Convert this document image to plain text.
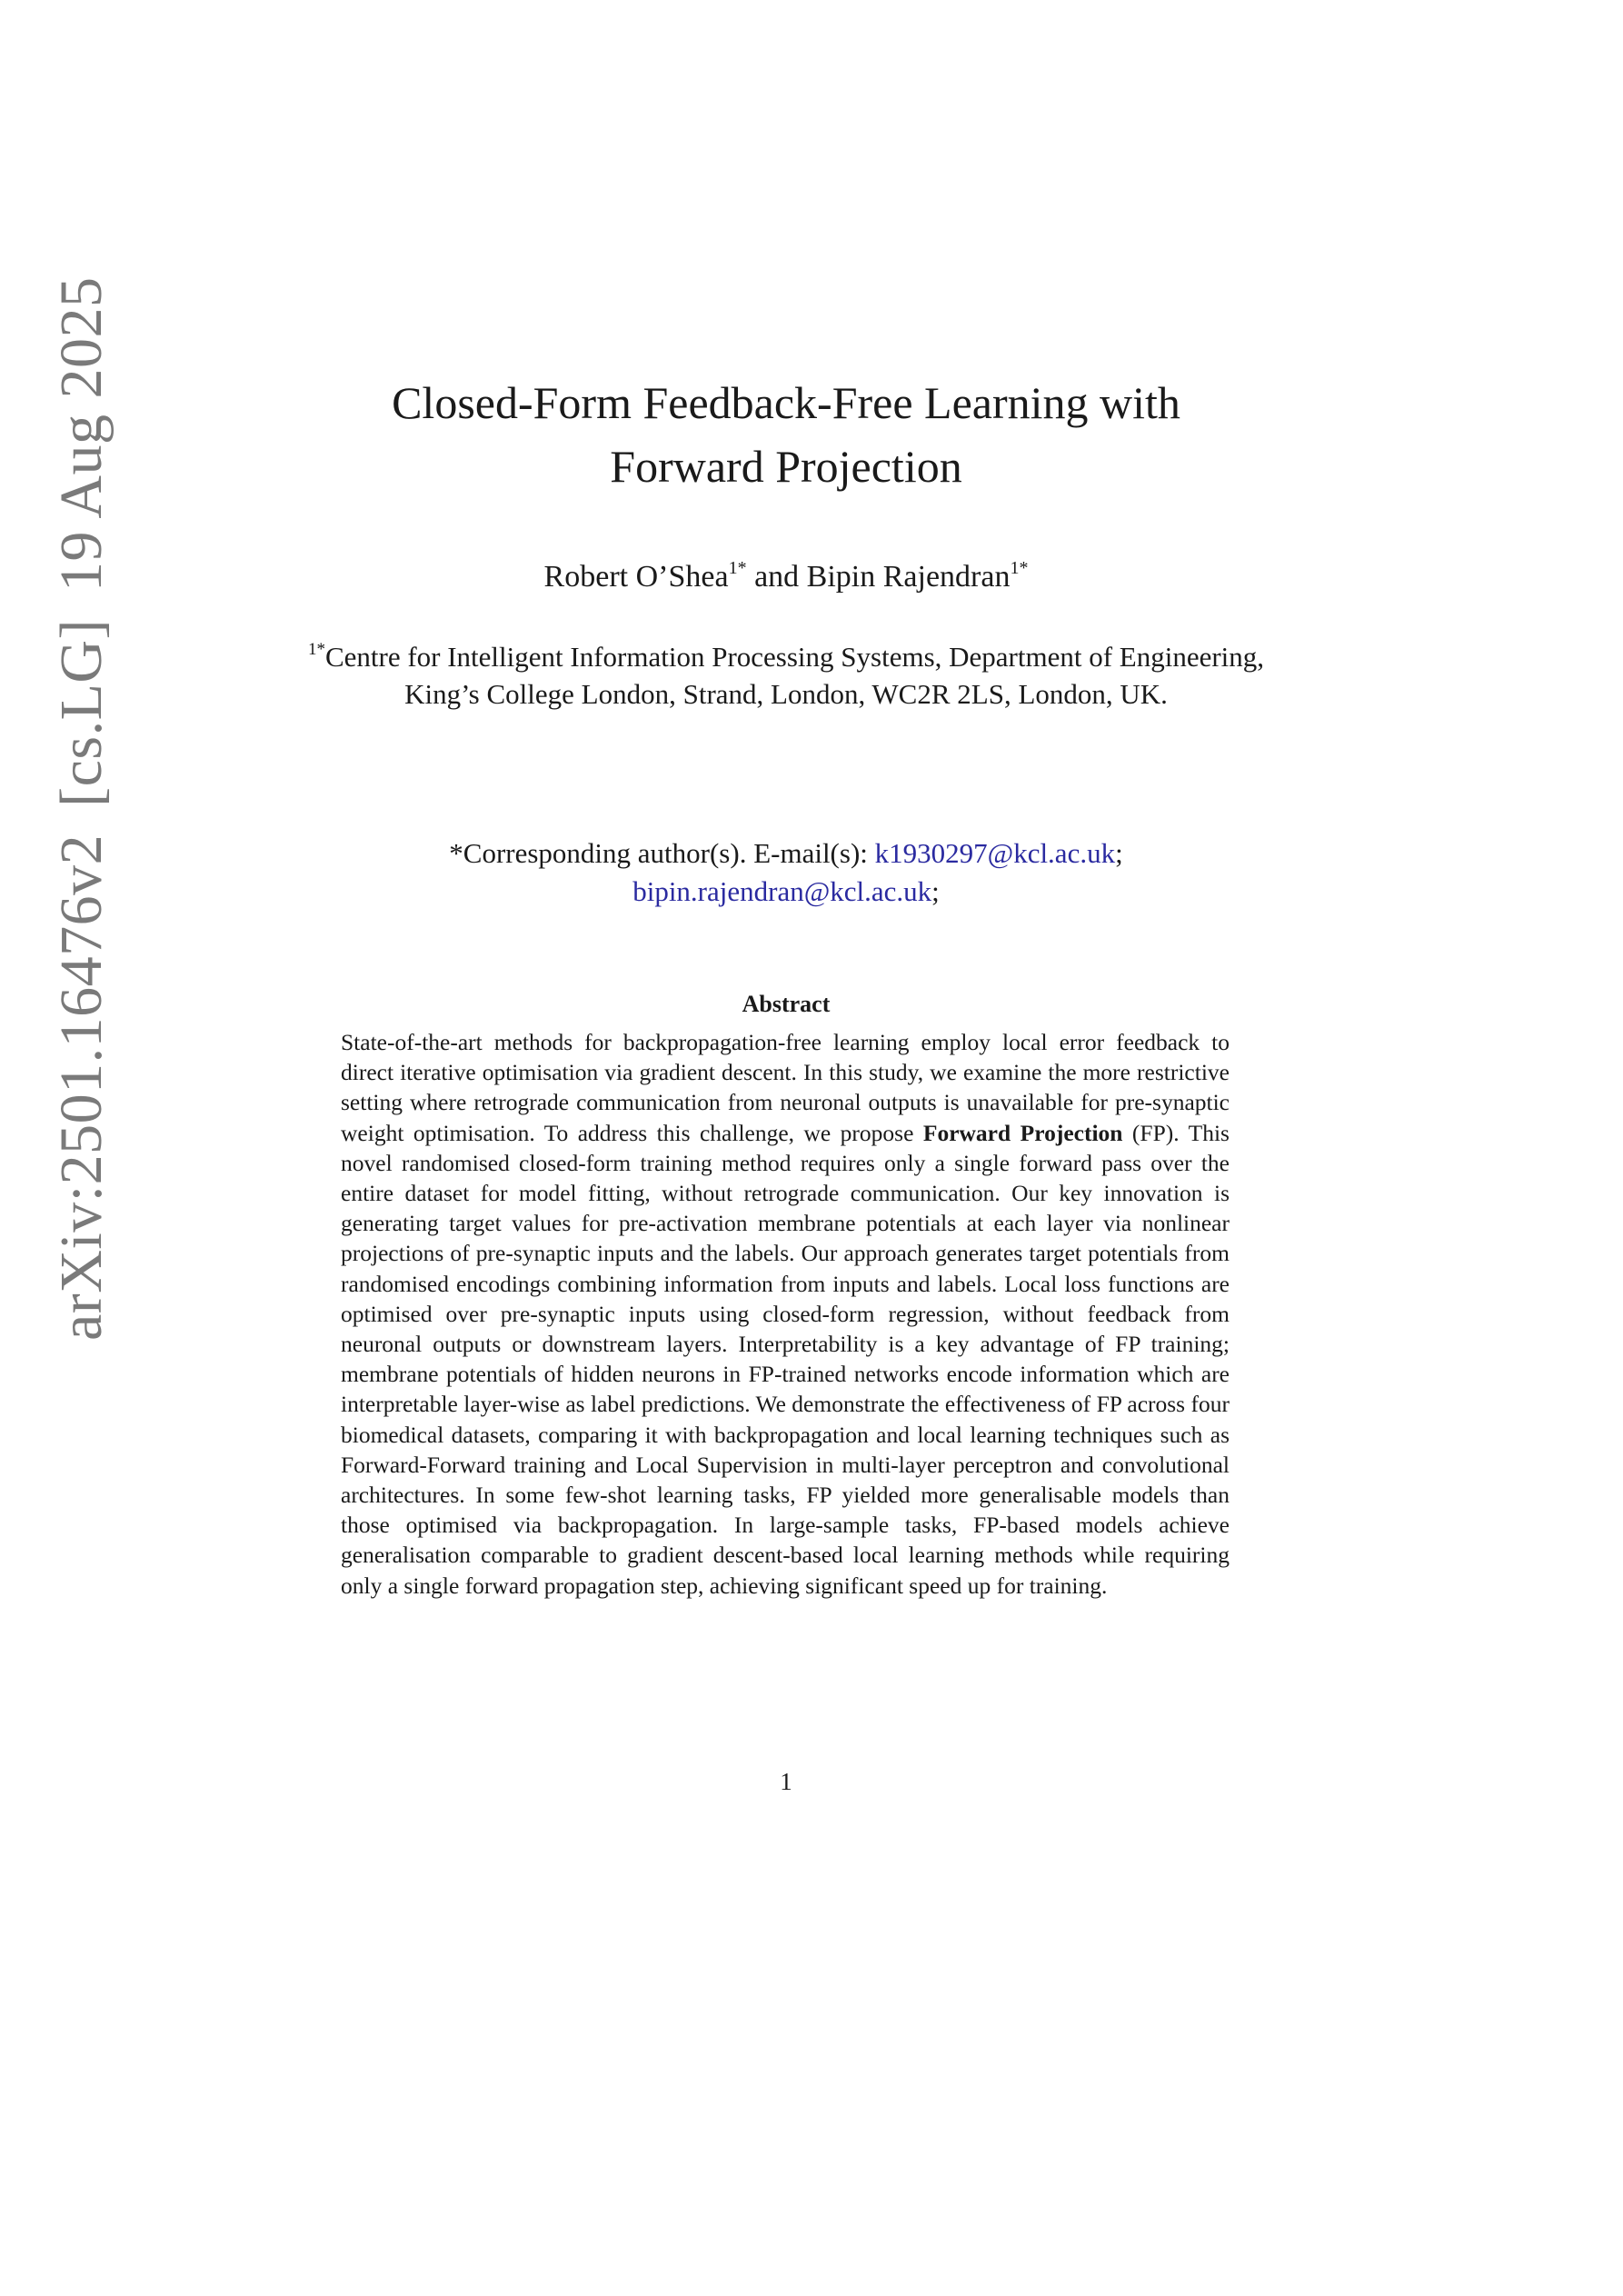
arXiv:2501.16476v2[cs.LG]19 Aug 2025	Closed-Form Feedback-Free Learning with
Forward Projection
Robert O’Shea$^{1*}$ and Bipin Rajendran$^{1*}$
$^{1*}$Centre for Intelligent Information Processing Systems, Department of Engineering, King’s College London, Strand, London, WC2R 2LS, London, UK.
*Corresponding author(s). E-mail(s): k1930297@kcl.ac.uk;
bipin.rajendran@kcl.ac.uk;
Abstract

State-of-the-art methods for backpropagation-free learning employ local error feedback to direct iterative optimisation via gradient descent. In this study, we examine the more restrictive setting where retrograde communication from neuronal outputs is unavailable for pre-synaptic weight optimisation. To address this challenge, we propose Forward Projection (FP). This novel randomised closed-form training method requires only a single forward pass over the entire dataset for model fitting, without retrograde communication. Our key innovation is generating target values for pre-activation membrane potentials at each layer via nonlinear projections of pre-synaptic inputs and the labels. Our approach generates target potentials from randomised encodings combining information from inputs and labels. Local loss functions are optimised over pre-synaptic inputs using closed-form regression, without feedback from neuronal outputs or downstream layers. Interpretability is a key advantage of FP training; membrane potentials of hidden neurons in FP-trained networks encode information which are interpretable layer-wise as label predictions. We demonstrate the effectiveness of FP across four biomedical datasets, comparing it with backpropagation and local learning techniques such as Forward-Forward training and Local Supervision in multi-layer perceptron and convolutional architectures. In some few-shot learning tasks, FP yielded more generalisable models than those optimised via backpropagation. In large-sample tasks, FP-based models achieve generalisation comparable to gradient descent-based local learning methods while requiring only a single forward propagation step, achieving significant speed up for training.

1
